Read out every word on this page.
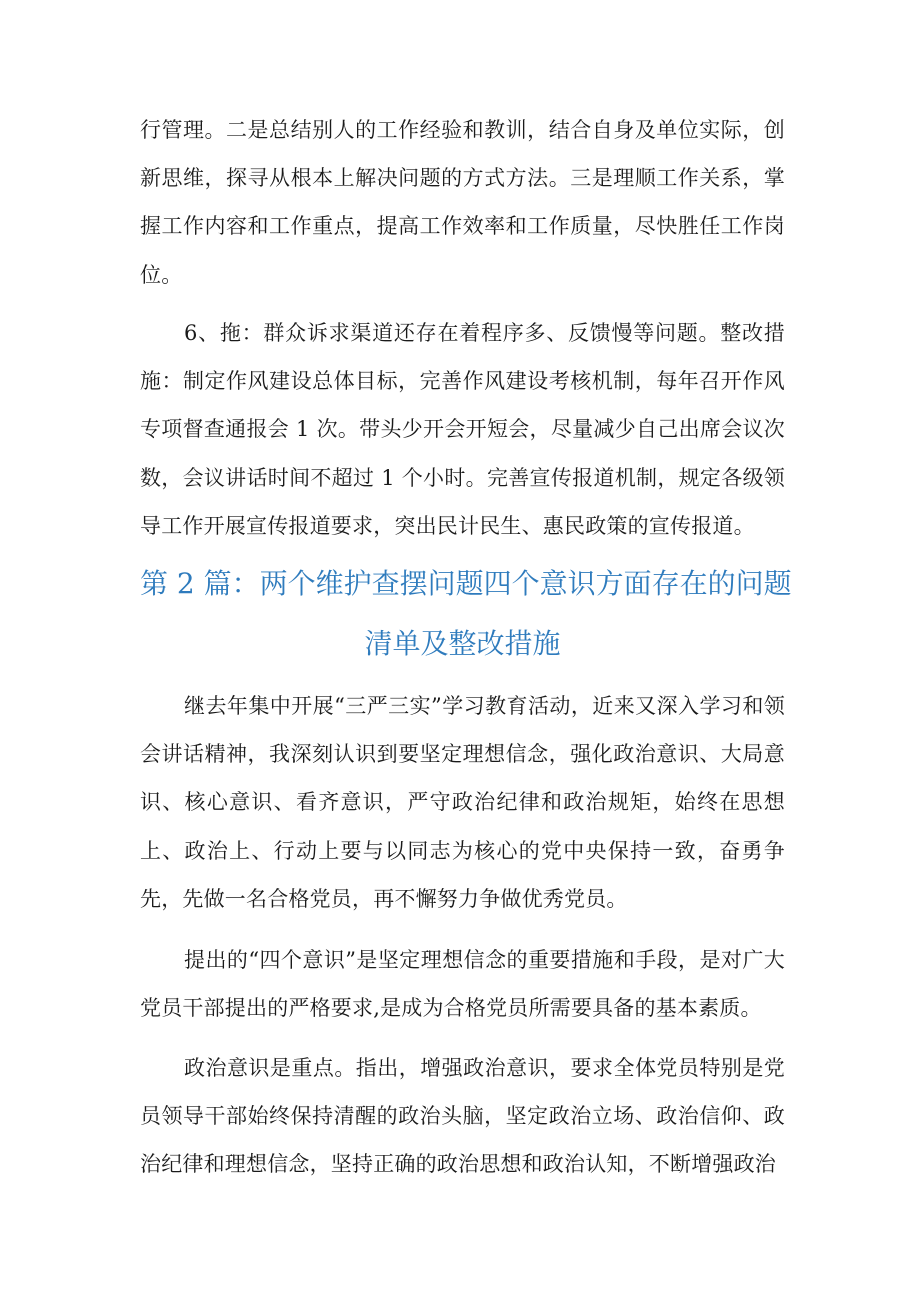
行管理。二是总结别人的工作经验和教训，结合自身及单位实际，创新思维，探寻从根本上解决问题的方式方法。三是理顺工作关系，掌握工作内容和工作重点，提高工作效率和工作质量，尽快胜任工作岗位。
6、拖：群众诉求渠道还存在着程序多、反馈慢等问题。整改措施：制定作风建设总体目标，完善作风建设考核机制，每年召开作风专项督查通报会 1 次。带头少开会开短会，尽量减少自己出席会议次数，会议讲话时间不超过 1 个小时。完善宣传报道机制，规定各级领导工作开展宣传报道要求，突出民计民生、惠民政策的宣传报道。
第 2 篇：两个维护查摆问题四个意识方面存在的问题
清单及整改措施
继去年集中开展“三严三实”学习教育活动，近来又深入学习和领会讲话精神，我深刻认识到要坚定理想信念，强化政治意识、大局意识、核心意识、看齐意识，严守政治纪律和政治规矩，始终在思想上、政治上、行动上要与以同志为核心的党中央保持一致，奋勇争先，先做一名合格党员，再不懈努力争做优秀党员。
提出的“四个意识”是坚定理想信念的重要措施和手段，是对广大党员干部提出的严格要求,是成为合格党员所需要具备的基本素质。
政治意识是重点。指出，增强政治意识，要求全体党员特别是党员领导干部始终保持清醒的政治头脑，坚定政治立场、政治信仰、政治纪律和理想信念，坚持正确的政治思想和政治认知，不断增强政治
